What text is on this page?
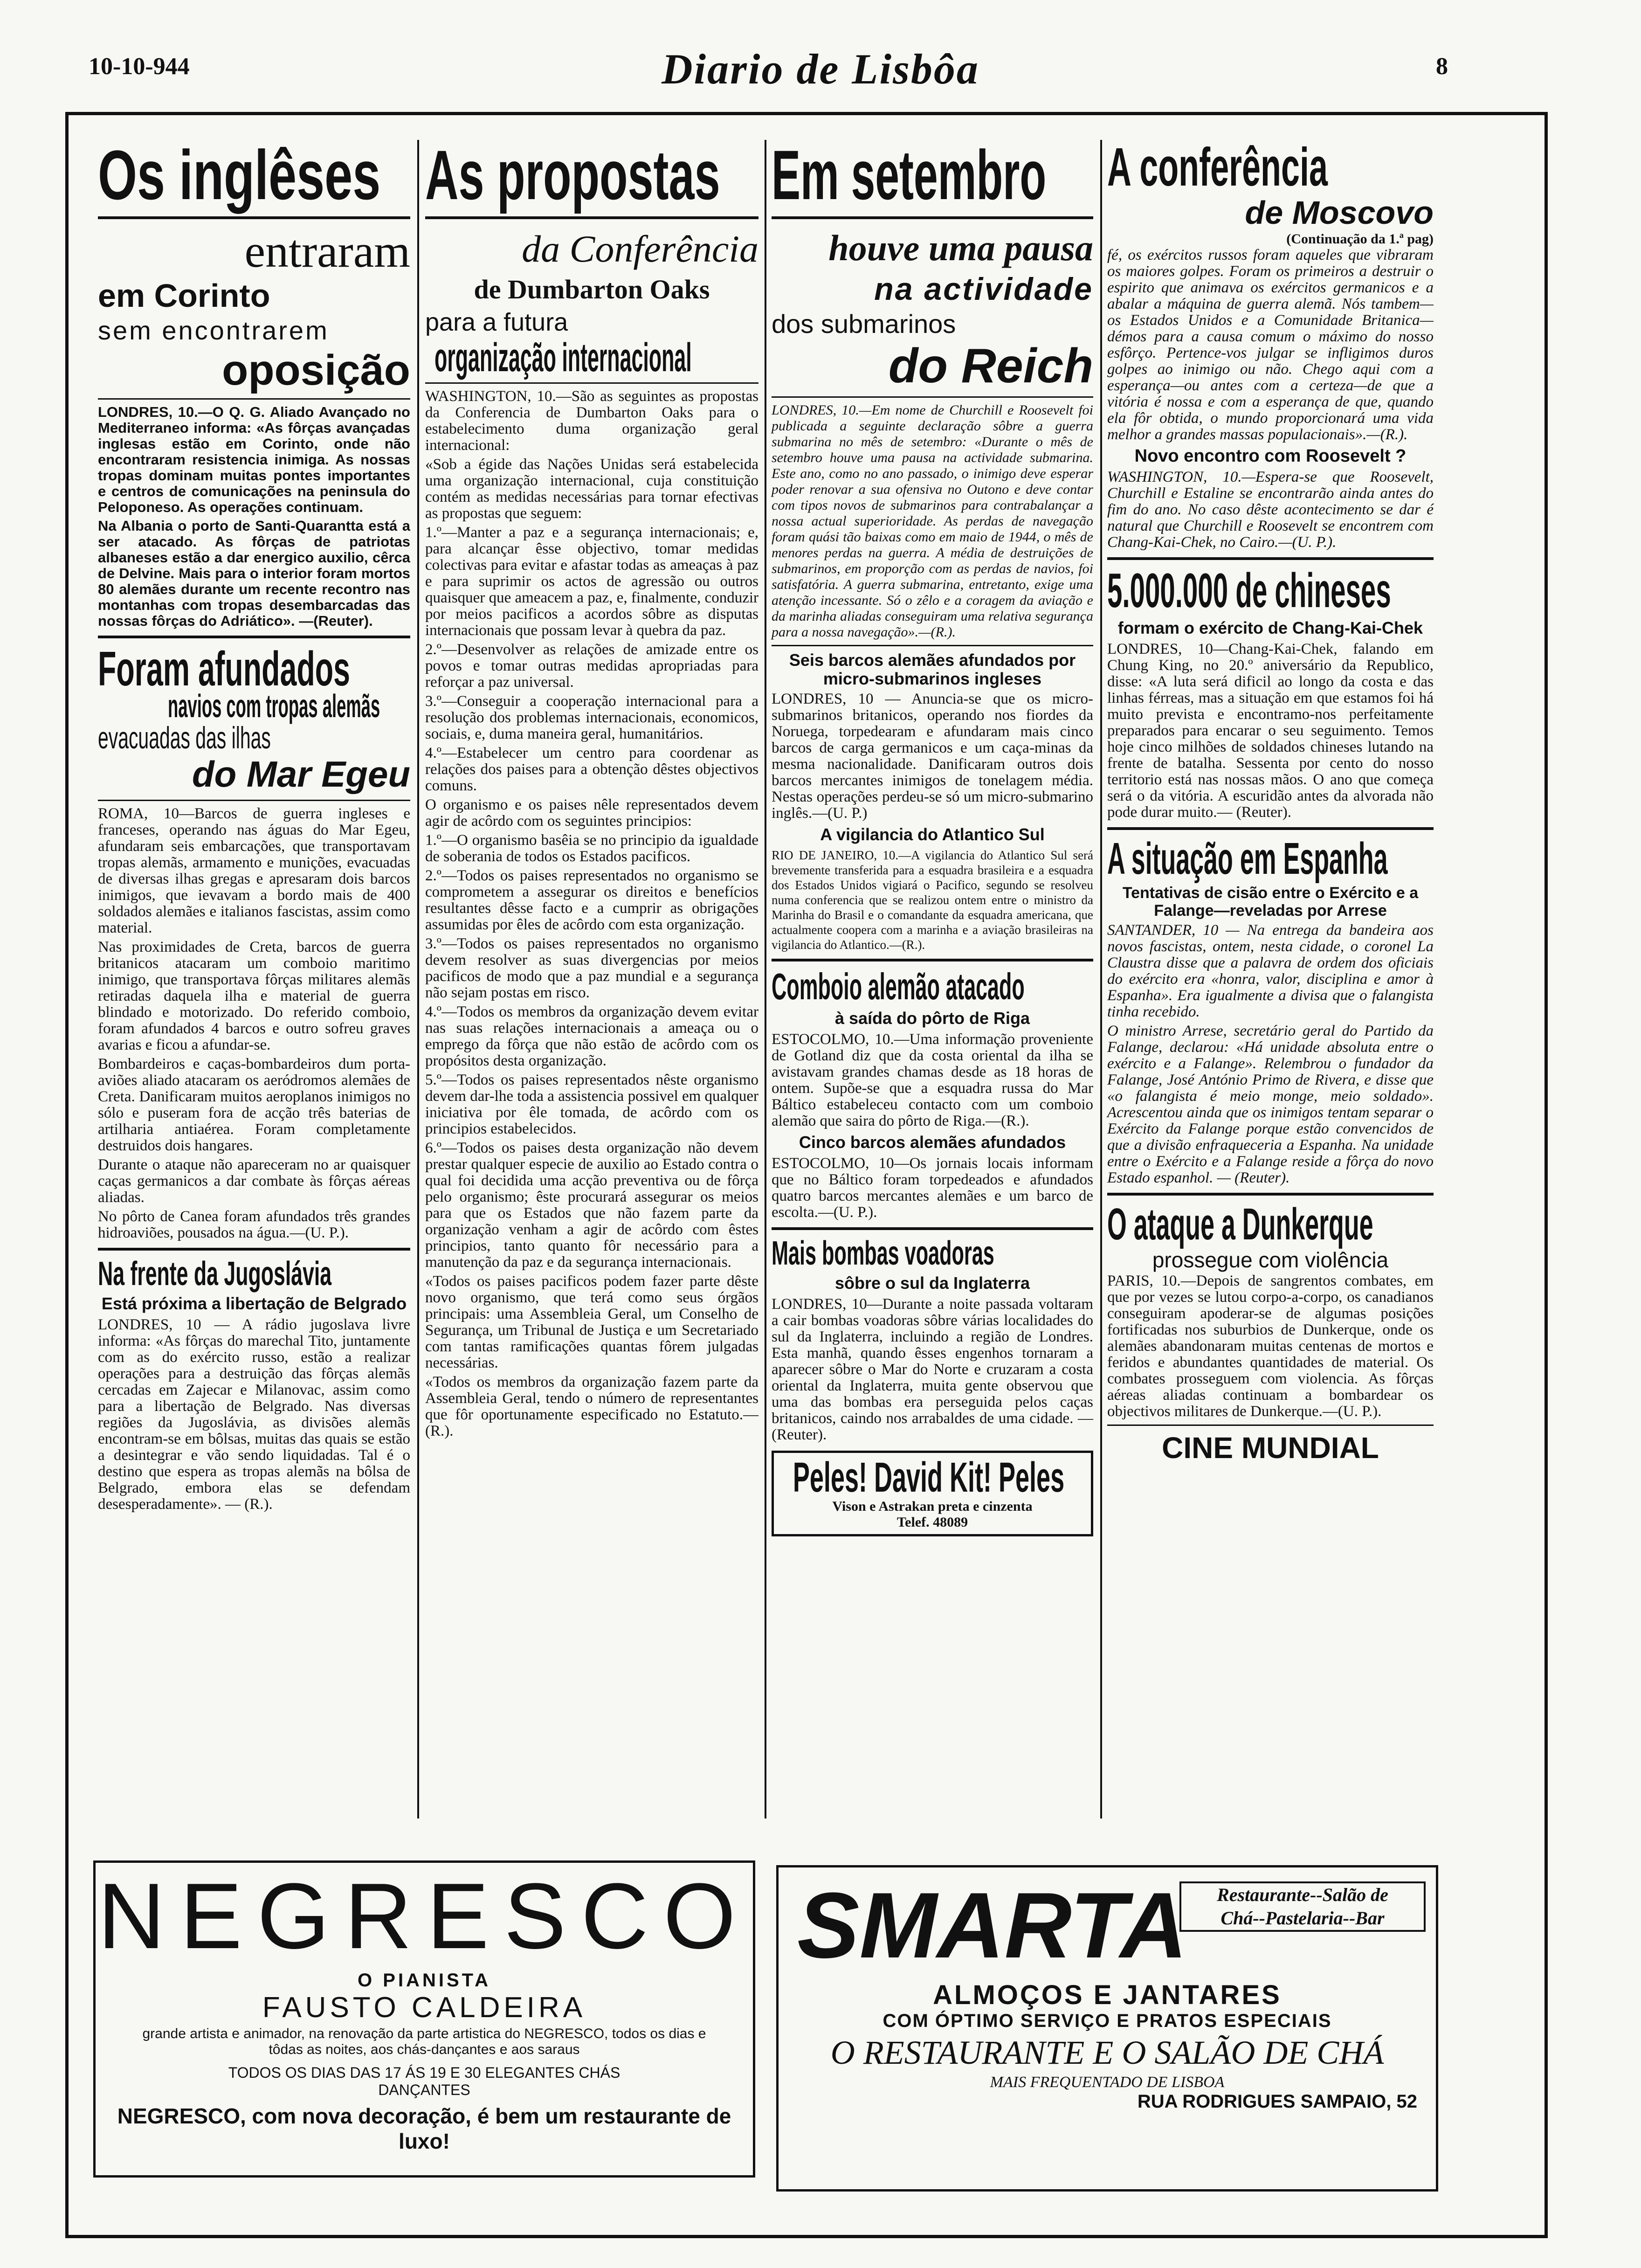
10-10-944	Diario de Lisbôa	8
Os inglêses
entraram
em Corinto
sem encontrarem
oposição

LONDRES, 10.—O Q. G. Aliado Avançado no Mediterraneo informa: «As fôrças avançadas inglesas estão em Corinto, onde não encontraram resistencia inimiga. As nossas tropas dominam muitas pontes importantes e centros de comunicações na peninsula do Peloponeso. As operações continuam.

Na Albania o porto de Santi-Quarantta está a ser atacado. As fôrças de patriotas albaneses estão a dar energico auxilio, cêrca de Delvine. Mais para o interior foram mortos 80 alemães durante um recente recontro nas montanhas com tropas desembarcadas das nossas fôrças do Adriático». —(Reuter).

Foram afundados
navios com tropas alemãs
evacuadas das ilhas
do Mar Egeu

ROMA, 10—Barcos de guerra ingleses e franceses, operando nas águas do Mar Egeu, afundaram seis embarcações, que transportavam tropas alemãs, armamento e munições, evacuadas de diversas ilhas gregas e apresaram dois barcos inimigos, que ievavam a bordo mais de 400 soldados alemães e italianos fascistas, assim como material.

Nas proximidades de Creta, barcos de guerra britanicos atacaram um comboio maritimo inimigo, que transportava fôrças militares alemãs retiradas daquela ilha e material de guerra blindado e motorizado. Do referido comboio, foram afundados 4 barcos e outro sofreu graves avarias e ficou a afundar-se.

Bombardeiros e caças-bombardeiros dum porta-aviões aliado atacaram os aeródromos alemães de Creta. Danificaram muitos aeroplanos inimigos no sólo e puseram fora de acção três baterias de artilharia antiaérea. Foram completamente destruidos dois hangares.

Durante o ataque não apareceram no ar quaisquer caças germanicos a dar combate às fôrças aéreas aliadas.

No pôrto de Canea foram afundados três grandes hidroaviões, pousados na água.—(U. P.).

Na frente da Jugoslávia
Está próxima a libertação de Belgrado

LONDRES, 10 — A rádio jugoslava livre informa: «As fôrças do marechal Tito, juntamente com as do exército russo, estão a realizar operações para a destruição das fôrças alemãs cercadas em Zajecar e Milanovac, assim como para a libertação de Belgrado. Nas diversas regiões da Jugoslávia, as divisões alemãs encontram-se em bôlsas, muitas das quais se estão a desintegrar e vão sendo liquidadas. Tal é o destino que espera as tropas alemãs na bôlsa de Belgrado, embora elas se defendam desesperadamente». — (R.).

As propostas
da Conferência
de Dumbarton Oaks
para a futura
organização internacional

WASHINGTON, 10.—São as seguintes as propostas da Conferencia de Dumbarton Oaks para o estabelecimento duma organização geral internacional:

«Sob a égide das Nações Unidas será estabelecida uma organização internacional, cuja constituição contém as medidas necessárias para tornar efectivas as propostas que seguem:

1.º—Manter a paz e a segurança internacionais; e, para alcançar êsse objectivo, tomar medidas colectivas para evitar e afastar todas as ameaças à paz e para suprimir os actos de agressão ou outros quaisquer que ameacem a paz, e, finalmente, conduzir por meios pacificos a acordos sôbre as disputas internacionais que possam levar à quebra da paz.

2.º—Desenvolver as relações de amizade entre os povos e tomar outras medidas apropriadas para reforçar a paz universal.

3.º—Conseguir a cooperação internacional para a resolução dos problemas internacionais, economicos, sociais, e, duma maneira geral, humanitários.

4.º—Estabelecer um centro para coordenar as relações dos paises para a obtenção dêstes objectivos comuns.

O organismo e os paises nêle representados devem agir de acôrdo com os seguintes principios:

1.º—O organismo basêia se no principio da igualdade de soberania de todos os Estados pacificos.

2.º—Todos os paises representados no organismo se comprometem a assegurar os direitos e benefícios resultantes dêsse facto e a cumprir as obrigações assumidas por êles de acôrdo com esta organização.

3.º—Todos os paises representados no organismo devem resolver as suas divergencias por meios pacificos de modo que a paz mundial e a segurança não sejam postas em risco.

4.º—Todos os membros da organização devem evitar nas suas relações internacionais a ameaça ou o emprego da fôrça que não estão de acôrdo com os propósitos desta organização.

5.º—Todos os paises representados nêste organismo devem dar-lhe toda a assistencia possivel em qualquer iniciativa por êle tomada, de acôrdo com os principios estabelecidos.

6.º—Todos os paises desta organização não devem prestar qualquer especie de auxilio ao Estado contra o qual foi decidida uma acção preventiva ou de fôrça pelo organismo; êste procurará assegurar os meios para que os Estados que não fazem parte da organização venham a agir de acôrdo com êstes principios, tanto quanto fôr necessário para a manutenção da paz e da segurança internacionais.

«Todos os paises pacificos podem fazer parte dêste novo organismo, que terá como seus órgãos principais: uma Assembleia Geral, um Conselho de Segurança, um Tribunal de Justiça e um Secretariado com tantas ramificações quantas fôrem julgadas necessárias.

«Todos os membros da organização fazem parte da Assembleia Geral, tendo o número de representantes que fôr oportunamente especificado no Estatuto.—(R.).

Em setembro
houve uma pausa
na actividade
dos submarinos
do Reich

LONDRES, 10.—Em nome de Churchill e Roosevelt foi publicada a seguinte declaração sôbre a guerra submarina no mês de setembro: «Durante o mês de setembro houve uma pausa na actividade submarina. Este ano, como no ano passado, o inimigo deve esperar poder renovar a sua ofensiva no Outono e deve contar com tipos novos de submarinos para contrabalançar a nossa actual superioridade. As perdas de navegação foram quási tão baixas como em maio de 1944, o mês de menores perdas na guerra. A média de destruições de submarinos, em proporção com as perdas de navios, foi satisfatória. A guerra submarina, entretanto, exige uma atenção incessante. Só o zêlo e a coragem da aviação e da marinha aliadas conseguiram uma relativa segurança para a nossa navegação».—(R.).

Seis barcos alemães afundados por micro-submarinos ingleses

LONDRES, 10 — Anuncia-se que os micro-submarinos britanicos, operando nos fiordes da Noruega, torpedearam e afundaram mais cinco barcos de carga germanicos e um caça-minas da mesma nacionalidade. Danificaram outros dois barcos mercantes inimigos de tonelagem média. Nestas operações perdeu-se só um micro-submarino inglês.—(U. P.)

A vigilancia do Atlantico Sul

RIO DE JANEIRO, 10.—A vigilancia do Atlantico Sul será brevemente transferida para a esquadra brasileira e a esquadra dos Estados Unidos vigiará o Pacifico, segundo se resolveu numa conferencia que se realizou ontem entre o ministro da Marinha do Brasil e o comandante da esquadra americana, que actualmente coopera com a marinha e a aviação brasileiras na vigilancia do Atlantico.—(R.).

Comboio alemão atacado
à saída do pôrto de Riga

ESTOCOLMO, 10.—Uma informação proveniente de Gotland diz que da costa oriental da ilha se avistavam grandes chamas desde as 18 horas de ontem. Supõe-se que a esquadra russa do Mar Báltico estabeleceu contacto com um comboio alemão que saira do pôrto de Riga.—(R.).

Cinco barcos alemães afundados

ESTOCOLMO, 10—Os jornais locais informam que no Báltico foram torpedeados e afundados quatro barcos mercantes alemães e um barco de escolta.—(U. P.).

Mais bombas voadoras
sôbre o sul da Inglaterra

LONDRES, 10—Durante a noite passada voltaram a cair bombas voadoras sôbre várias localidades do sul da Inglaterra, incluindo a região de Londres. Esta manhã, quando êsses engenhos tornaram a aparecer sôbre o Mar do Norte e cruzaram a costa oriental da Inglaterra, muita gente observou que uma das bombas era perseguida pelos caças britanicos, caindo nos arrabaldes de uma cidade. —(Reuter).

Peles! David Kit! Peles
Vison e Astrakan preta e cinzenta
Telef. 48089
A conferência
de Moscovo
(Continuação da 1.ª pag)

fé, os exércitos russos foram aqueles que vibraram os maiores golpes. Foram os primeiros a destruir o espirito que animava os exércitos germanicos e a abalar a máquina de guerra alemã. Nós tambem—os Estados Unidos e a Comunidade Britanica—démos para a causa comum o máximo do nosso esfôrço. Pertence-vos julgar se infligimos duros golpes ao inimigo ou não. Chego aqui com a esperança—ou antes com a certeza—de que a vitória é nossa e com a esperança de que, quando ela fôr obtida, o mundo proporcionará uma vida melhor a grandes massas populacionais».—(R.).

Novo encontro com Roosevelt ?

WASHINGTON, 10.—Espera-se que Roosevelt, Churchill e Estaline se encontrarão ainda antes do fim do ano. No caso dêste acontecimento se dar é natural que Churchill e Roosevelt se encontrem com Chang-Kai-Chek, no Cairo.—(U. P.).

5.000.000 de chineses
formam o exército de Chang-Kai-Chek

LONDRES, 10—Chang-Kai-Chek, falando em Chung King, no 20.º aniversário da Republico, disse: «A luta será dificil ao longo da costa e das linhas férreas, mas a situação em que estamos foi há muito prevista e encontramo-nos perfeitamente preparados para encarar o seu seguimento. Temos hoje cinco milhões de soldados chineses lutando na frente de batalha. Sessenta por cento do nosso territorio está nas nossas mãos. O ano que começa será o da vitória. A escuridão antes da alvorada não pode durar muito.— (Reuter).

A situação em Espanha
Tentativas de cisão entre o Exército e a Falange—reveladas por Arrese

SANTANDER, 10 — Na entrega da bandeira aos novos fascistas, ontem, nesta cidade, o coronel La Claustra disse que a palavra de ordem dos oficiais do exército era «honra, valor, disciplina e amor à Espanha». Era igualmente a divisa que o falangista tinha recebido.

O ministro Arrese, secretário geral do Partido da Falange, declarou: «Há unidade absoluta entre o exército e a Falange». Relembrou o fundador da Falange, José António Primo de Rivera, e disse que «o falangista é meio monge, meio soldado». Acrescentou ainda que os inimigos tentam separar o Exército da Falange porque estão convencidos de que a divisão enfraqueceria a Espanha. Na unidade entre o Exército e a Falange reside a fôrça do novo Estado espanhol. — (Reuter).

O ataque a Dunkerque
prossegue com violência

PARIS, 10.—Depois de sangrentos combates, em que por vezes se lutou corpo-a-corpo, os canadianos conseguiram apoderar-se de algumas posições fortificadas nos suburbios de Dunkerque, onde os alemães abandonaram muitas centenas de mortos e feridos e abundantes quantidades de material. Os combates prosseguem com violencia. As fôrças aéreas aliadas continuam a bombardear os objectivos militares de Dunkerque.—(U. P.).

CINE MUNDIAL
NEGRESCO
O PIANISTA
FAUSTO CALDEIRA
grande artista e animador, na renovação da parte artistica do NEGRESCO, todos os dias e tôdas as noites, aos chás-dançantes e aos saraus
TODOS OS DIAS DAS 17 ÁS 19 E 30 ELEGANTES CHÁS DANÇANTES
NEGRESCO, com nova decoração, é bem um restaurante de luxo!
SMARTA	Restaurante--Salão de
Chá--Pastelaria--Bar
ALMOÇOS E JANTARES
COM ÓPTIMO SERVIÇO E PRATOS ESPECIAIS
O RESTAURANTE E O SALÃO DE CHÁ
MAIS FREQUENTADO DE LISBOA
RUA RODRIGUES SAMPAIO, 52
